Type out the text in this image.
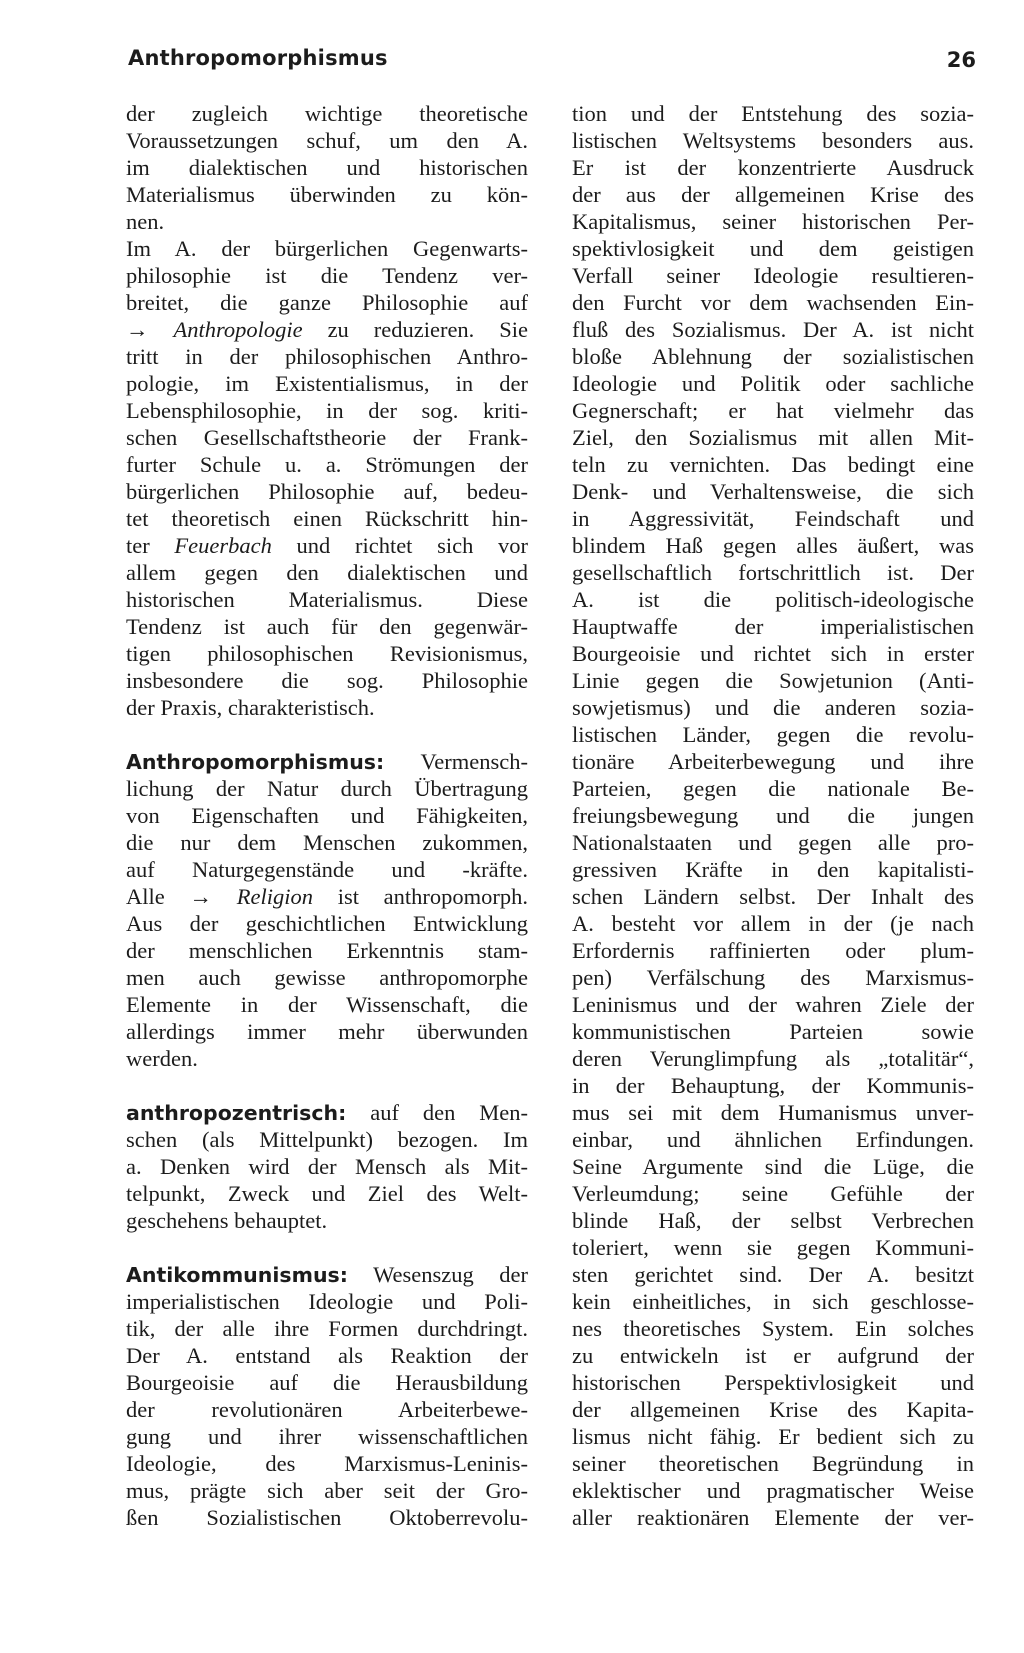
Anthropomorphismus	26
der zugleich wichtige theoretische
Voraussetzungen schuf, um den A.
im dialektischen und historischen
Materialismus überwinden zu kön-
nen.
Im A. der bürgerlichen Gegenwarts-
philosophie ist die Tendenz ver-
breitet, die ganze Philosophie auf
→ Anthropologie zu reduzieren. Sie
tritt in der philosophischen Anthro-
pologie, im Existentialismus, in der
Lebensphilosophie, in der sog. kriti-
schen Gesellschaftstheorie der Frank-
furter Schule u. a. Strömungen der
bürgerlichen Philosophie auf, bedeu-
tet theoretisch einen Rückschritt hin-
ter Feuerbach und richtet sich vor
allem gegen den dialektischen und
historischen Materialismus. Diese
Tendenz ist auch für den gegenwär-
tigen philosophischen Revisionismus,
insbesondere die sog. Philosophie
der Praxis, charakteristisch.
Anthropomorphismus: Vermensch-
lichung der Natur durch Übertragung
von Eigenschaften und Fähigkeiten,
die nur dem Menschen zukommen,
auf Naturgegenstände und -kräfte.
Alle → Religion ist anthropomorph.
Aus der geschichtlichen Entwicklung
der menschlichen Erkenntnis stam-
men auch gewisse anthropomorphe
Elemente in der Wissenschaft, die
allerdings immer mehr überwunden
werden.
anthropozentrisch: auf den Men-
schen (als Mittelpunkt) bezogen. Im
a. Denken wird der Mensch als Mit-
telpunkt, Zweck und Ziel des Welt-
geschehens behauptet.
Antikommunismus: Wesenszug der
imperialistischen Ideologie und Poli-
tik, der alle ihre Formen durchdringt.
Der A. entstand als Reaktion der
Bourgeoisie auf die Herausbildung
der revolutionären Arbeiterbewe-
gung und ihrer wissenschaftlichen
Ideologie, des Marxismus-Leninis-
mus, prägte sich aber seit der Gro-
ßen Sozialistischen Oktoberrevolu-
tion und der Entstehung des sozia-
listischen Weltsystems besonders aus.
Er ist der konzentrierte Ausdruck
der aus der allgemeinen Krise des
Kapitalismus, seiner historischen Per-
spektivlosigkeit und dem geistigen
Verfall seiner Ideologie resultieren-
den Furcht vor dem wachsenden Ein-
fluß des Sozialismus. Der A. ist nicht
bloße Ablehnung der sozialistischen
Ideologie und Politik oder sachliche
Gegnerschaft; er hat vielmehr das
Ziel, den Sozialismus mit allen Mit-
teln zu vernichten. Das bedingt eine
Denk- und Verhaltensweise, die sich
in Aggressivität, Feindschaft und
blindem Haß gegen alles äußert, was
gesellschaftlich fortschrittlich ist. Der
A. ist die politisch-ideologische
Hauptwaffe der imperialistischen
Bourgeoisie und richtet sich in erster
Linie gegen die Sowjetunion (Anti-
sowjetismus) und die anderen sozia-
listischen Länder, gegen die revolu-
tionäre Arbeiterbewegung und ihre
Parteien, gegen die nationale Be-
freiungsbewegung und die jungen
Nationalstaaten und gegen alle pro-
gressiven Kräfte in den kapitalisti-
schen Ländern selbst. Der Inhalt des
A. besteht vor allem in der (je nach
Erfordernis raffinierten oder plum-
pen) Verfälschung des Marxismus-
Leninismus und der wahren Ziele der
kommunistischen Parteien sowie
deren Verunglimpfung als „totalitär“,
in der Behauptung, der Kommunis-
mus sei mit dem Humanismus unver-
einbar, und ähnlichen Erfindungen.
Seine Argumente sind die Lüge, die
Verleumdung; seine Gefühle der
blinde Haß, der selbst Verbrechen
toleriert, wenn sie gegen Kommuni-
sten gerichtet sind. Der A. besitzt
kein einheitliches, in sich geschlosse-
nes theoretisches System. Ein solches
zu entwickeln ist er aufgrund der
historischen Perspektivlosigkeit und
der allgemeinen Krise des Kapita-
lismus nicht fähig. Er bedient sich zu
seiner theoretischen Begründung in
eklektischer und pragmatischer Weise
aller reaktionären Elemente der ver-
